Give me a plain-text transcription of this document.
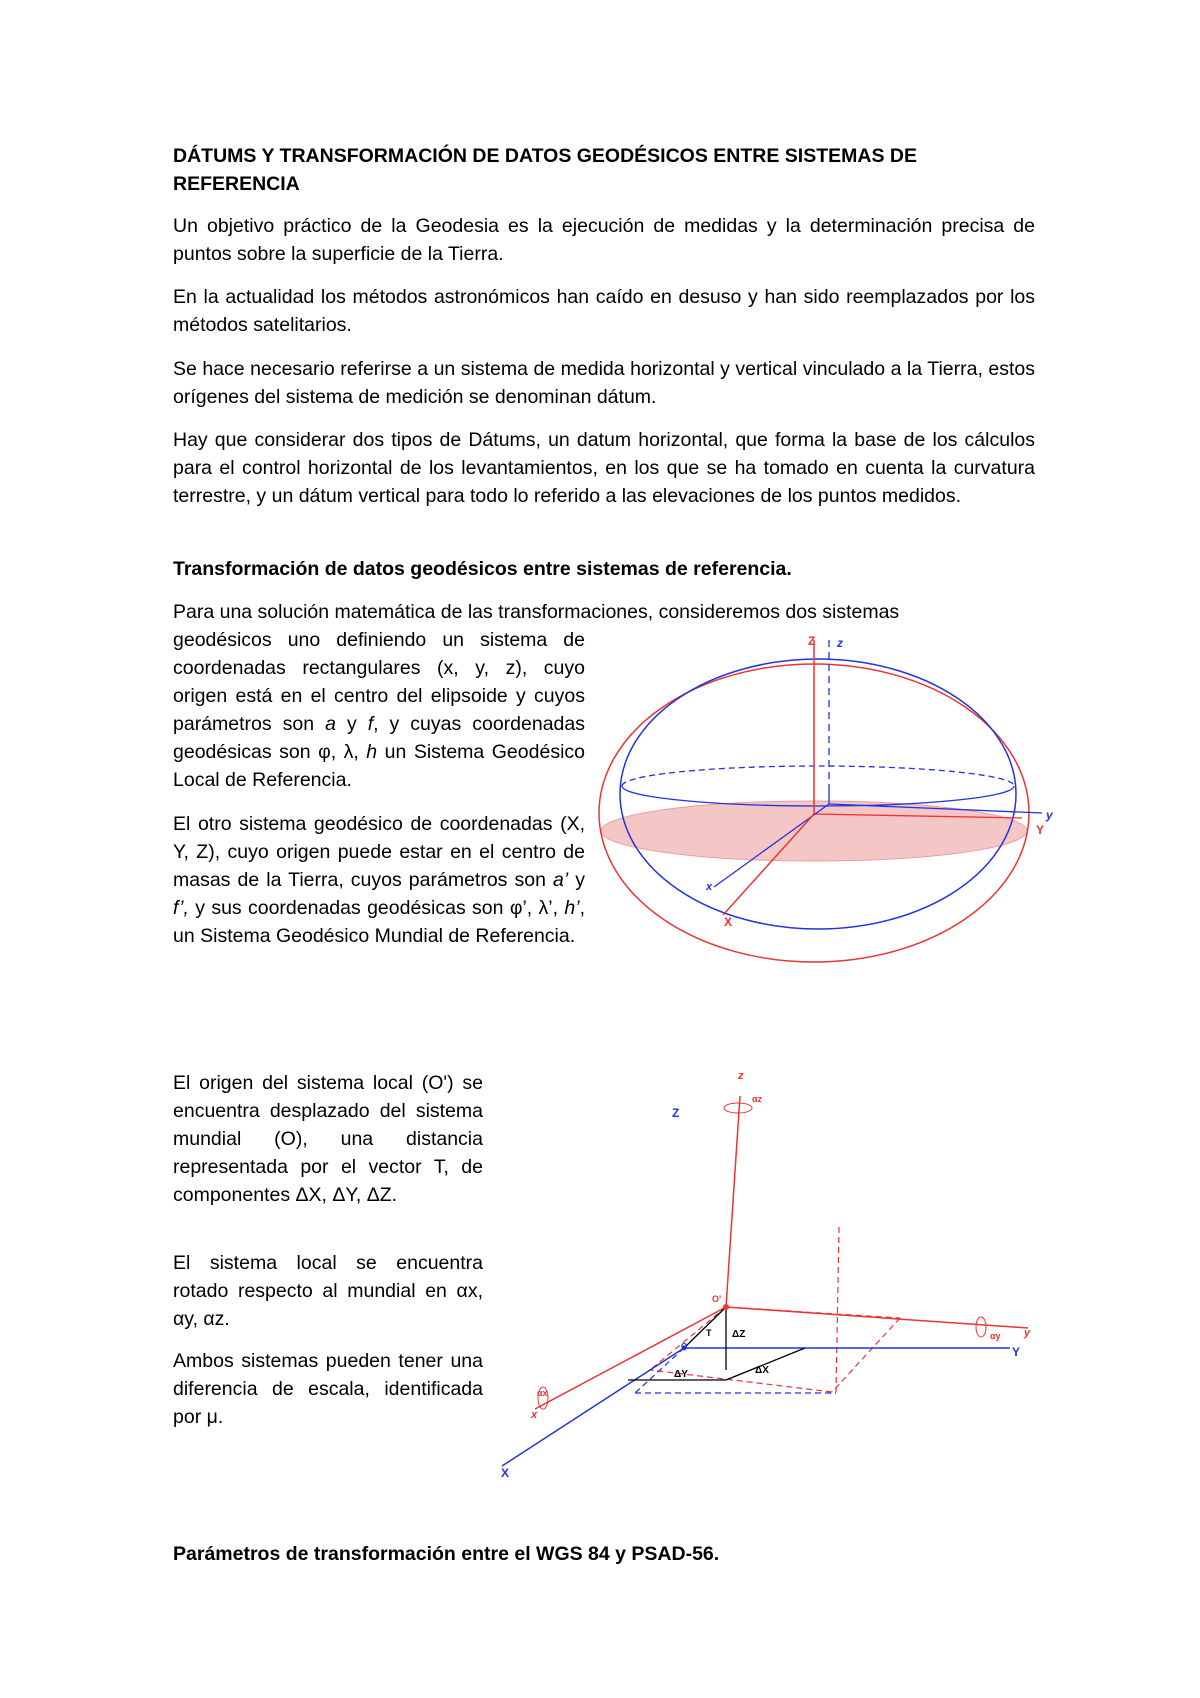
DÁTUMS Y TRANSFORMACIÓN DE DATOS GEODÉSICOS ENTRE SISTEMAS DE REFERENCIA

Un objetivo práctico de la Geodesia es la ejecución de medidas y la determinación precisa de puntos sobre la superficie de la Tierra.

En la actualidad los métodos astronómicos han caído en desuso y han sido reemplazados por los métodos satelitarios.

Se hace necesario referirse a un sistema de medida horizontal y vertical vinculado a la Tierra, estos orígenes del sistema de medición se denominan dátum.

Hay que considerar dos tipos de Dátums, un datum horizontal, que forma la base de los cálculos para el control horizontal de los levantamientos, en los que se ha tomado en cuenta la curvatura terrestre, y un dátum vertical para todo lo referido a las elevaciones de los puntos medidos.

Transformación de datos geodésicos entre sistemas de referencia.

Para una solución matemática de las transformaciones, consideremos dos sistemas

geodésicos uno definiendo un sistema de coordenadas rectangulares (x, y, z), cuyo origen está en el centro del elipsoide y cuyos parámetros son a y f, y cuyas coordenadas geodésicas son φ, λ, h un Sistema Geodésico Local de Referencia.

El otro sistema geodésico de coordenadas (X, Y, Z), cuyo origen puede estar en el centro de masas de la Tierra, cuyos parámetros son a’ y f’, y sus coordenadas geodésicas son φ’, λ’, h’, un Sistema Geodésico Mundial de Referencia.

Z z
y
Y
x
X

El origen del sistema local (O') se encuentra desplazado del sistema mundial (O), una distancia representada por el vector T, de componentes ΔX, ΔY, ΔZ.

El sistema local se encuentra rotado respecto al mundial en αx, αy, αz.

Ambos sistemas pueden tener una diferencia de escala, identificada por μ.

z
αz
Z
O'
T ΔZ
O
ΔY	ΔX
αx
x
X
αy y
Y

Parámetros de transformación entre el WGS 84 y PSAD-56.
